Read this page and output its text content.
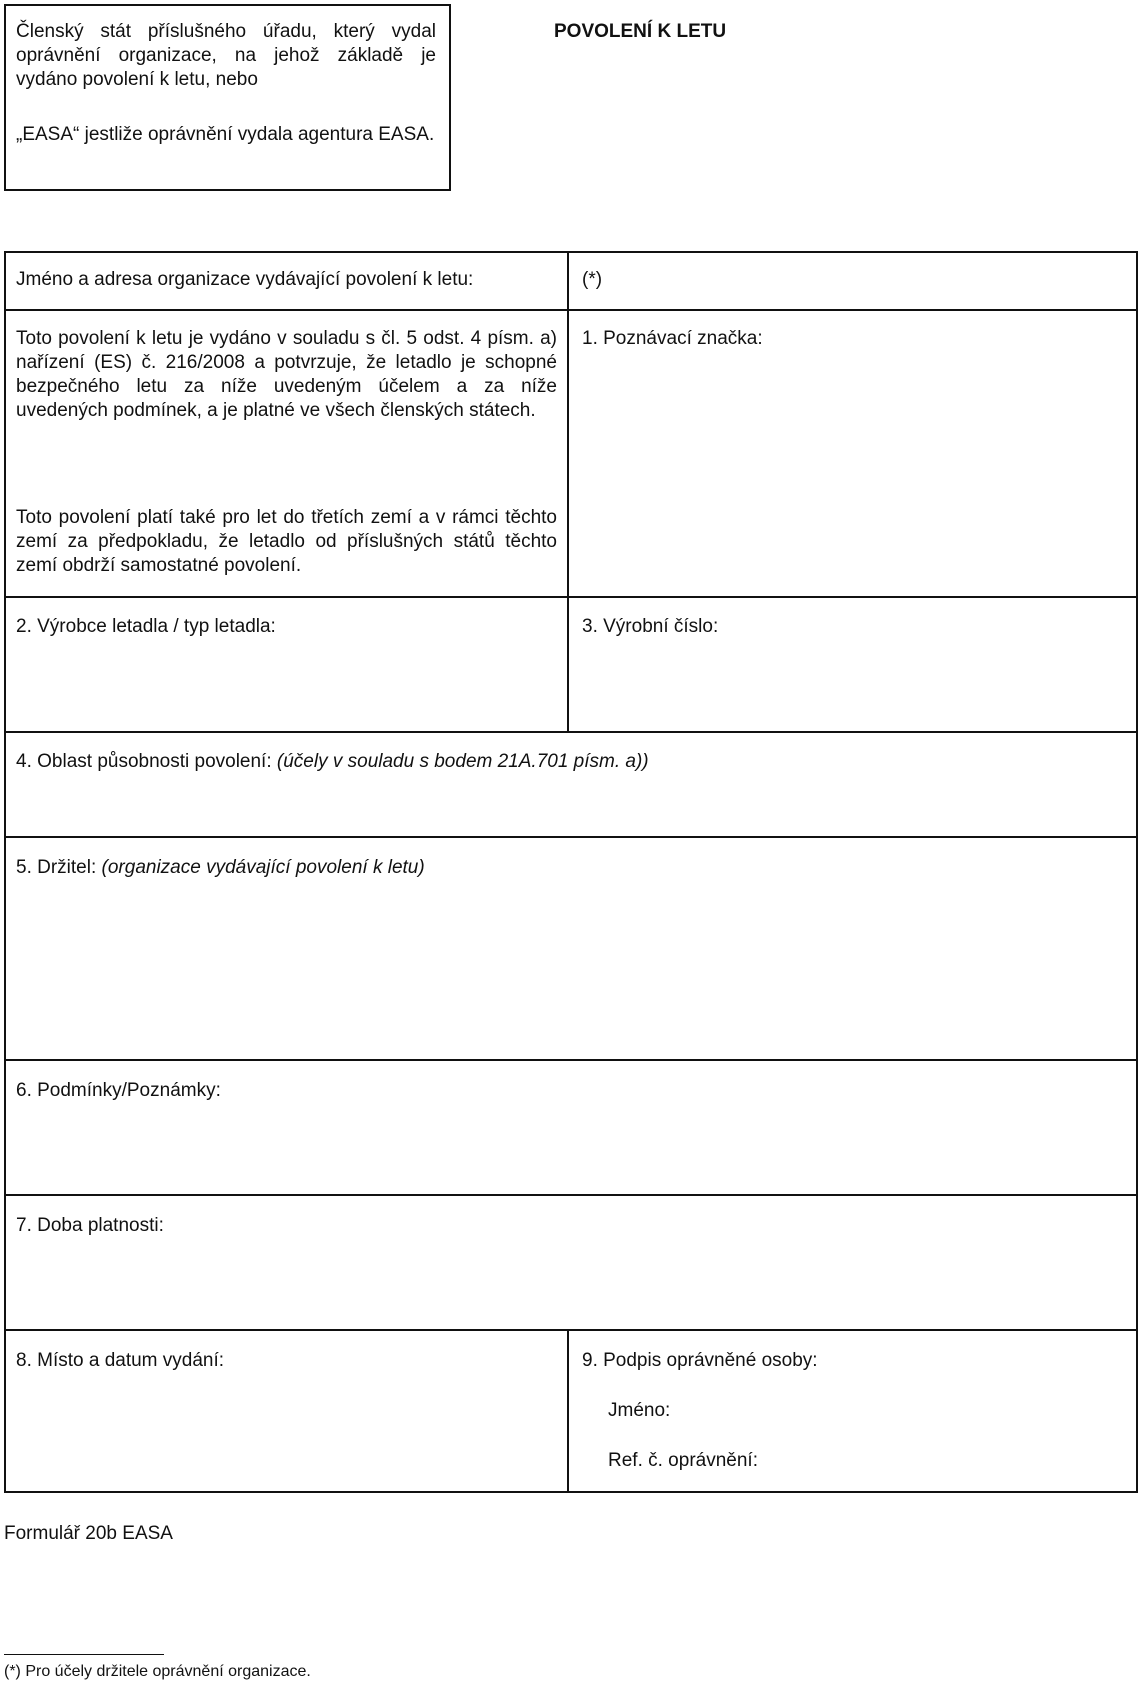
Členský stát příslušného úřadu, který vydal oprávnění organizace, na jehož základě je vydáno povolení k letu, nebo
„EASA“ jestliže oprávnění vydala agentura EASA.
POVOLENÍ K LETU
Jméno a adresa organizace vydávající povolení k letu:	(*)
Toto povolení k letu je vydáno v souladu s čl. 5 odst. 4 písm. a) nařízení (ES) č. 216/2008 a potvrzuje, že letadlo je schopné bezpečného letu za níže uvedeným účelem a za níže uvedených podmínek, a je platné ve všech členských státech.
Toto povolení platí také pro let do třetích zemí a v rámci těchto zemí za předpokladu, že letadlo od příslušných států těchto zemí obdrží samostatné povolení.
1. Poznávací značka:
2. Výrobce letadla / typ letadla:	3. Výrobní číslo:
4. Oblast působnosti povolení: (účely v souladu s bodem 21A.701 písm. a))
5. Držitel: (organizace vydávající povolení k letu)
6. Podmínky/Poznámky:
7. Doba platnosti:
8. Místo a datum vydání:	9. Podpis oprávněné osoby:
Jméno:
Ref. č. oprávnění:
Formulář 20b EASA
(*) Pro účely držitele oprávnění organizace.
